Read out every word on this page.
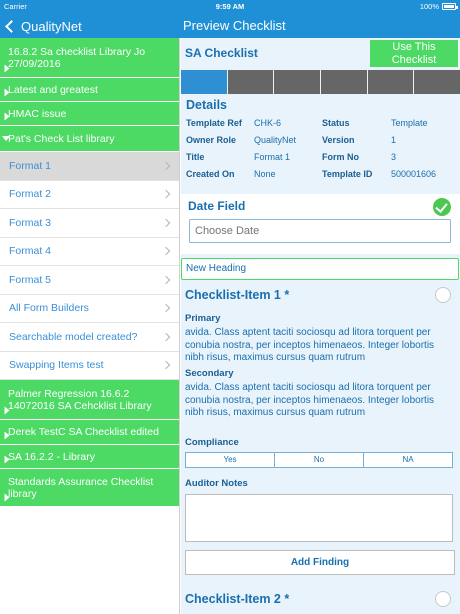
Carrier	9:59 AM	100%
QualityNet	Preview Checklist
16.8.2 Sa checklist Library Jo 27/09/2016
Latest and greatest
HMAC issue
Pat's Check List library
Format 1
Format 2
Format 3
Format 4
Format 5
All Form Builders
Searchable model created?
Swapping Items test
Palmer Regression 16.6.2 14072016 SA Cehcklist Library
Derek TestC SA Checklist edited
SA 16.2.2 - Library
Standards Assurance Checklist library
SA Checklist	Use This Checklist
Details
Template Ref CHK-6	Status	Template
Owner Role QualityNet	Version	1
Title	Format 1	Form No	3
Created On None	Template ID 500001606
Date Field
Choose Date
New Heading
Checklist-Item 1 *
Primary
avida. Class aptent taciti sociosqu ad litora torquent per conubia nostra, per inceptos himenaeos. Integer lobortis nibh risus, maximus cursus quam rutrum
Secondary
avida. Class aptent taciti sociosqu ad litora torquent per conubia nostra, per inceptos himenaeos. Integer lobortis nibh risus, maximus cursus quam rutrum
Compliance
Yes	No	NA
Auditor Notes
Add Finding
Checklist-Item 2 *
